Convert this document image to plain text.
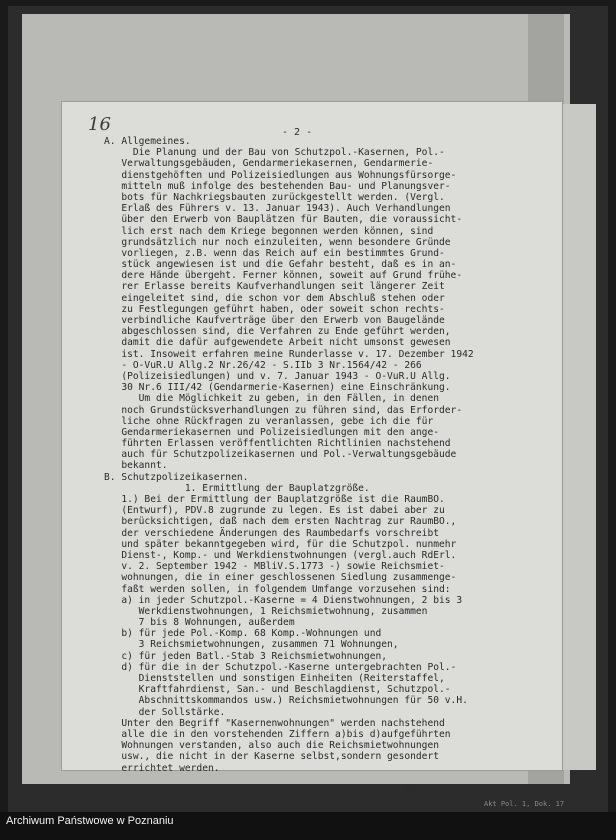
16	- 2 -
A. Allgemeines.
Die Planung und der Bau von Schutzpol.-Kasernen, Pol.-
Verwaltungsgebäuden, Gendarmeriekasernen, Gendarmerie-
dienstgehöften und Polizeisiedlungen aus Wohnungsfürsorge-
mitteln muß infolge des bestehenden Bau- und Planungsver-
bots für Nachkriegsbauten zurückgestellt werden. (Vergl.
Erlaß des Führers v. 13. Januar 1943). Auch Verhandlungen
über den Erwerb von Bauplätzen für Bauten, die voraussicht-
lich erst nach dem Kriege begonnen werden können, sind
grundsätzlich nur noch einzuleiten, wenn besondere Gründe
vorliegen, z.B. wenn das Reich auf ein bestimmtes Grund-
stück angewiesen ist und die Gefahr besteht, daß es in an-
dere Hände übergeht. Ferner können, soweit auf Grund frühe-
rer Erlasse bereits Kaufverhandlungen seit längerer Zeit
eingeleitet sind, die schon vor dem Abschluß stehen oder
zu Festlegungen geführt haben, oder soweit schon rechts-
verbindliche Kaufverträge über den Erwerb von Baugelände
abgeschlossen sind, die Verfahren zu Ende geführt werden,
damit die dafür aufgewendete Arbeit nicht umsonst gewesen
ist. Insoweit erfahren meine Runderlasse v. 17. Dezember 1942
- O-VuR.U Allg.2 Nr.26/42 - S.IIb 3 Nr.1564/42 - 266
(Polizeisiedlungen) und v. 7. Januar 1943 - O-VuR.U Allg.
30 Nr.6 III/42 (Gendarmerie-Kasernen) eine Einschränkung.
Um die Möglichkeit zu geben, in den Fällen, in denen
noch Grundstücksverhandlungen zu führen sind, das Erforder-
liche ohne Rückfragen zu veranlassen, gebe ich die für
Gendarmeriekasernen und Polizeisiedlungen mit den ange-
führten Erlassen veröffentlichten Richtlinien nachstehend
auch für Schutzpolizeikasernen und Pol.-Verwaltungsgebäude
bekannt.
B. Schutzpolizeikasernen.
1. Ermittlung der Bauplatzgröße.
1.) Bei der Ermittlung der Bauplatzgröße ist die RaumBO.
(Entwurf), PDV.8 zugrunde zu legen. Es ist dabei aber zu
berücksichtigen, daß nach dem ersten Nachtrag zur RaumBO.,
der verschiedene Änderungen des Raumbedarfs vorschreibt
und später bekanntgegeben wird, für die Schutzpol. nunmehr
Dienst-, Komp.- und Werkdienstwohnungen (vergl.auch RdErl.
v. 2. September 1942 - MBliV.S.1773 -) sowie Reichsmiet-
wohnungen, die in einer geschlossenen Siedlung zusammenge-
faßt werden sollen, in folgendem Umfange vorzusehen sind:
a) in jeder Schutzpol.-Kaserne = 4 Dienstwohnungen, 2 bis 3
Werkdienstwohnungen, 1 Reichsmietwohnung, zusammen
7 bis 8 Wohnungen, außerdem
b) für jede Pol.-Komp. 68 Komp.-Wohnungen und
3 Reichsmietwohnungen, zusammen 71 Wohnungen,
c) für jeden Batl.-Stab 3 Reichsmietwohnungen,
d) für die in der Schutzpol.-Kaserne untergebrachten Pol.-
Dienststellen und sonstigen Einheiten (Reiterstaffel,
Kraftfahrdienst, San.- und Beschlagdienst, Schutzpol.-
Abschnittskommandos usw.) Reichsmietwohnungen für 50 v.H.
der Sollstärke.
Unter den Begriff "Kasernenwohnungen" werden nachstehend
alle die in den vorstehenden Ziffern a)bis d)aufgeführten
Wohnungen verstanden, also auch die Reichsmietwohnungen
usw., die nicht in der Kaserne selbst,sondern gesondert
errichtet werden.
Für
Akt Pol. 1, Dok. 17
Archiwum Państwowe w Poznaniu
